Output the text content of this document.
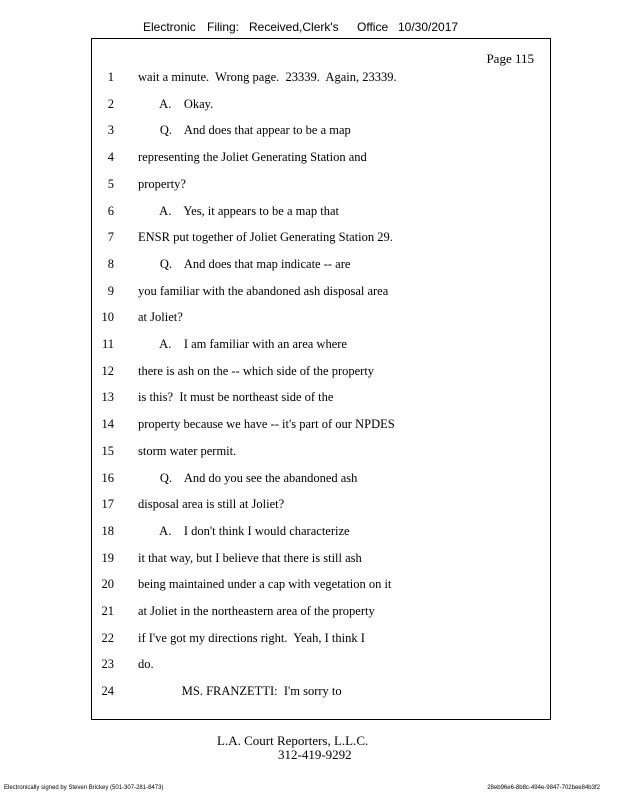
Electronic Filing: Received,Clerk's Office 10/30/2017
Page 115
1 wait a minute.  Wrong page.  23339.  Again, 23339.
2 A.    Okay.
3 Q.    And does that appear to be a map
4 representing the Joliet Generating Station and
5 property?
6 A.    Yes, it appears to be a map that
7 ENSR put together of Joliet Generating Station 29.
8 Q.    And does that map indicate -- are
9 you familiar with the abandoned ash disposal area
10 at Joliet?
11 A.    I am familiar with an area where
12 there is ash on the -- which side of the property
13 is this?  It must be northeast side of the
14 property because we have -- it's part of our NPDES
15 storm water permit.
16 Q.    And do you see the abandoned ash
17 disposal area is still at Joliet?
18 A.    I don't think I would characterize
19 it that way, but I believe that there is still ash
20 being maintained under a cap with vegetation on it
21 at Joliet in the northeastern area of the property
22 if I've got my directions right.  Yeah, I think I
23 do.
24 MS. FRANZETTI:  I'm sorry to
L.A. Court Reporters, L.L.C.
312-419-9292
Electronically signed by Steven Brickey (501-307-281-8473)	28eb96e6-8b8c-494e-9847-702bee84b3f2
